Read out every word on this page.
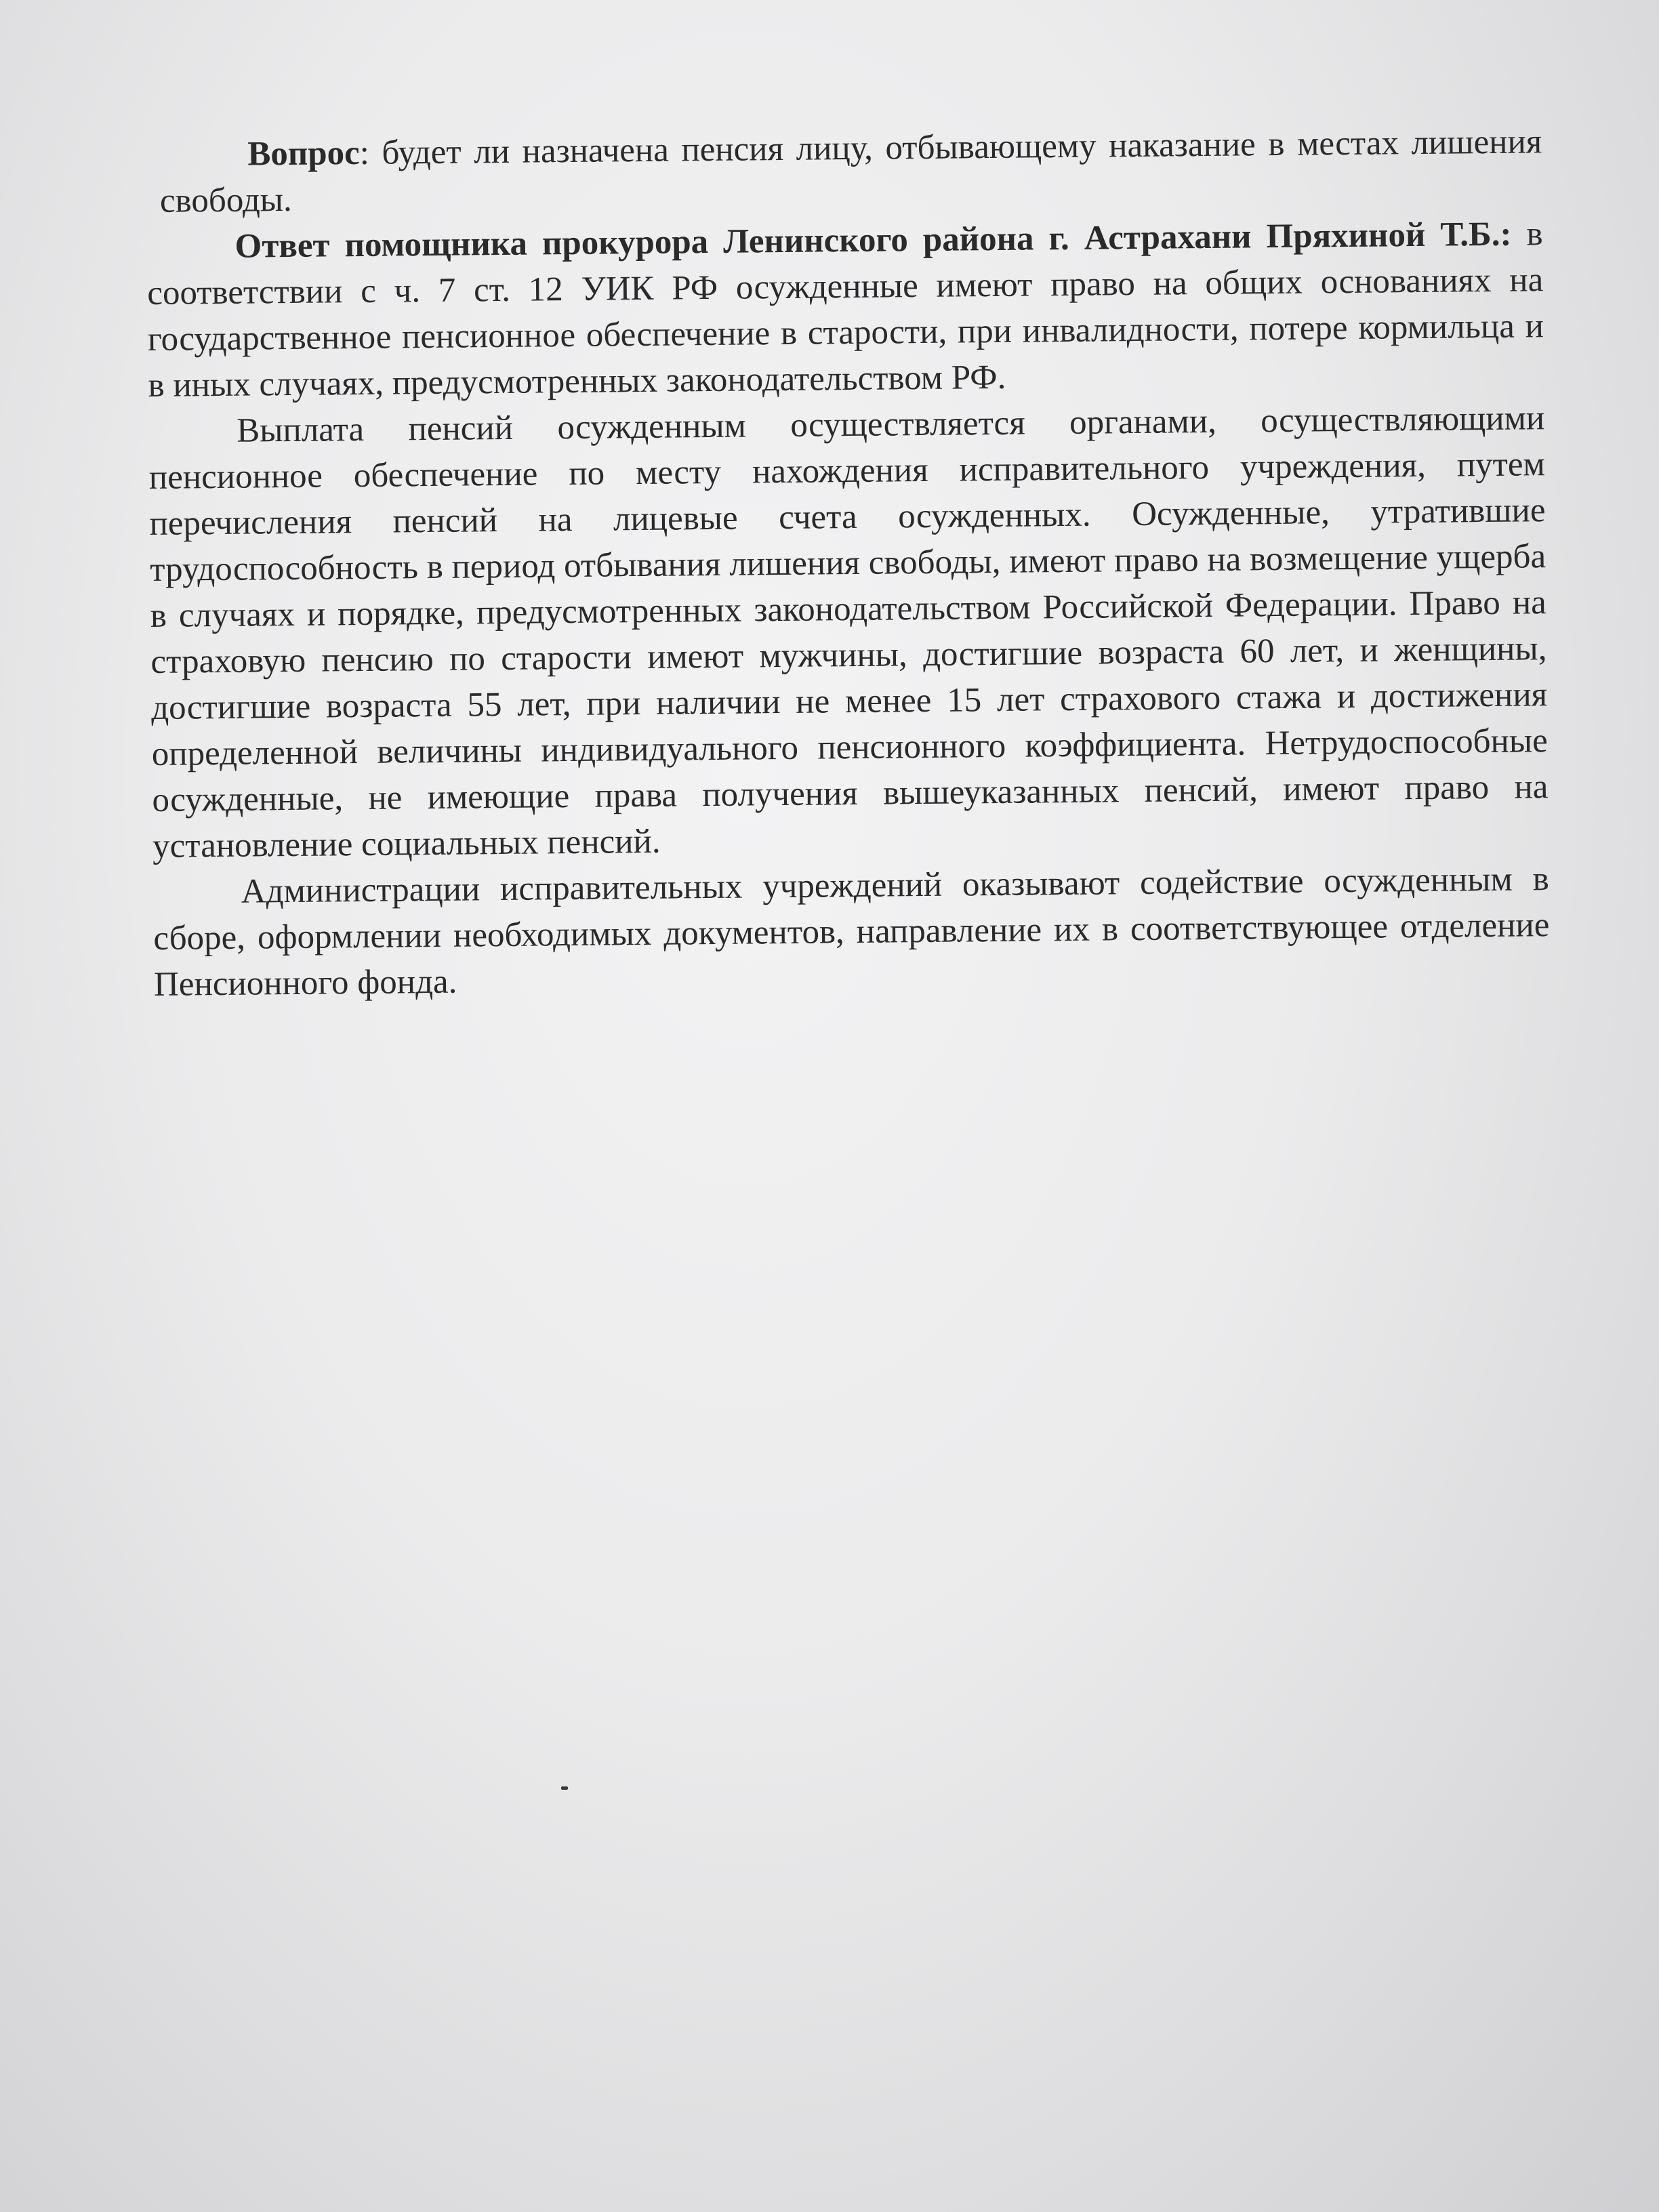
Вопрос: будет ли назначена пенсия лицу, отбывающему наказание в местах лишения свободы.

Ответ помощника прокурора Ленинского района г. Астрахани Пряхиной Т.Б.: в соответствии с ч. 7 ст. 12 УИК РФ осужденные имеют право на общих основаниях на государственное пенсионное обеспечение в старости, при инвалидности, потере кормильца и в иных случаях, предусмотренных законодательством РФ.

Выплата пенсий осужденным осуществляется органами, осуществляющими пенсионное обеспечение по месту нахождения исправительного учреждения, путем перечисления пенсий на лицевые счета осужденных. Осужденные, утратившие трудоспособность в период отбывания лишения свободы, имеют право на возмещение ущерба в случаях и порядке, предусмотренных законодательством Российской Федерации. Право на страховую пенсию по старости имеют мужчины, достигшие возраста 60 лет, и женщины, достигшие возраста 55 лет, при наличии не менее 15 лет страхового стажа и достижения определенной величины индивидуального пенсионного коэффициента. Нетрудоспособные осужденные, не имеющие права получения вышеуказанных пенсий, имеют право на установление социальных пенсий.

Администрации исправительных учреждений оказывают содействие осужденным в сборе, оформлении необходимых документов, направление их в соответствующее отделение Пенсионного фонда.
